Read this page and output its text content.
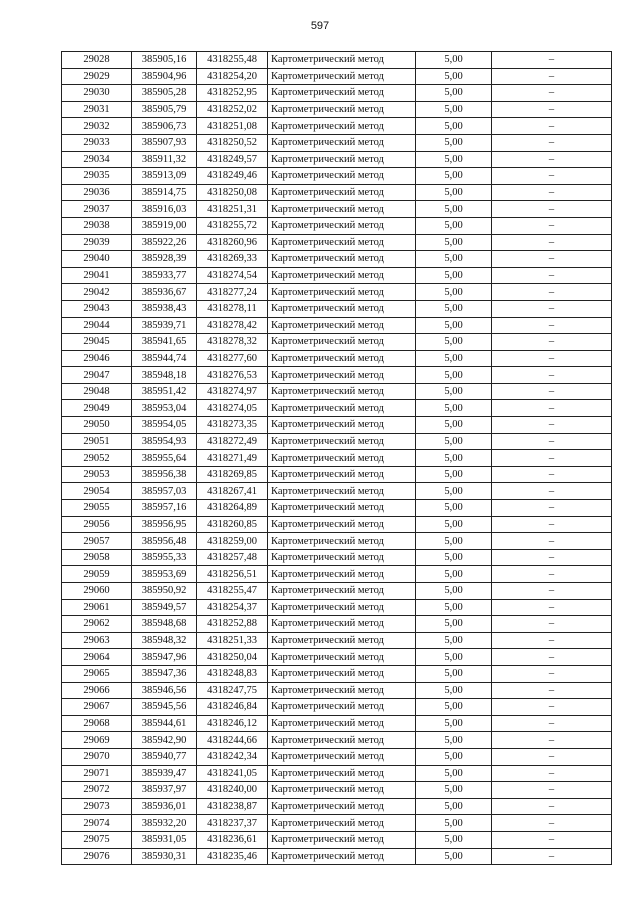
597
29028	385905,16	4318255,48	Картометрический метод	5,00	–
29029	385904,96	4318254,20	Картометрический метод	5,00	–
29030	385905,28	4318252,95	Картометрический метод	5,00	–
29031	385905,79	4318252,02	Картометрический метод	5,00	–
29032	385906,73	4318251,08	Картометрический метод	5,00	–
29033	385907,93	4318250,52	Картометрический метод	5,00	–
29034	385911,32	4318249,57	Картометрический метод	5,00	–
29035	385913,09	4318249,46	Картометрический метод	5,00	–
29036	385914,75	4318250,08	Картометрический метод	5,00	–
29037	385916,03	4318251,31	Картометрический метод	5,00	–
29038	385919,00	4318255,72	Картометрический метод	5,00	–
29039	385922,26	4318260,96	Картометрический метод	5,00	–
29040	385928,39	4318269,33	Картометрический метод	5,00	–
29041	385933,77	4318274,54	Картометрический метод	5,00	–
29042	385936,67	4318277,24	Картометрический метод	5,00	–
29043	385938,43	4318278,11	Картометрический метод	5,00	–
29044	385939,71	4318278,42	Картометрический метод	5,00	–
29045	385941,65	4318278,32	Картометрический метод	5,00	–
29046	385944,74	4318277,60	Картометрический метод	5,00	–
29047	385948,18	4318276,53	Картометрический метод	5,00	–
29048	385951,42	4318274,97	Картометрический метод	5,00	–
29049	385953,04	4318274,05	Картометрический метод	5,00	–
29050	385954,05	4318273,35	Картометрический метод	5,00	–
29051	385954,93	4318272,49	Картометрический метод	5,00	–
29052	385955,64	4318271,49	Картометрический метод	5,00	–
29053	385956,38	4318269,85	Картометрический метод	5,00	–
29054	385957,03	4318267,41	Картометрический метод	5,00	–
29055	385957,16	4318264,89	Картометрический метод	5,00	–
29056	385956,95	4318260,85	Картометрический метод	5,00	–
29057	385956,48	4318259,00	Картометрический метод	5,00	–
29058	385955,33	4318257,48	Картометрический метод	5,00	–
29059	385953,69	4318256,51	Картометрический метод	5,00	–
29060	385950,92	4318255,47	Картометрический метод	5,00	–
29061	385949,57	4318254,37	Картометрический метод	5,00	–
29062	385948,68	4318252,88	Картометрический метод	5,00	–
29063	385948,32	4318251,33	Картометрический метод	5,00	–
29064	385947,96	4318250,04	Картометрический метод	5,00	–
29065	385947,36	4318248,83	Картометрический метод	5,00	–
29066	385946,56	4318247,75	Картометрический метод	5,00	–
29067	385945,56	4318246,84	Картометрический метод	5,00	–
29068	385944,61	4318246,12	Картометрический метод	5,00	–
29069	385942,90	4318244,66	Картометрический метод	5,00	–
29070	385940,77	4318242,34	Картометрический метод	5,00	–
29071	385939,47	4318241,05	Картометрический метод	5,00	–
29072	385937,97	4318240,00	Картометрический метод	5,00	–
29073	385936,01	4318238,87	Картометрический метод	5,00	–
29074	385932,20	4318237,37	Картометрический метод	5,00	–
29075	385931,05	4318236,61	Картометрический метод	5,00	–
29076	385930,31	4318235,46	Картометрический метод	5,00	–
